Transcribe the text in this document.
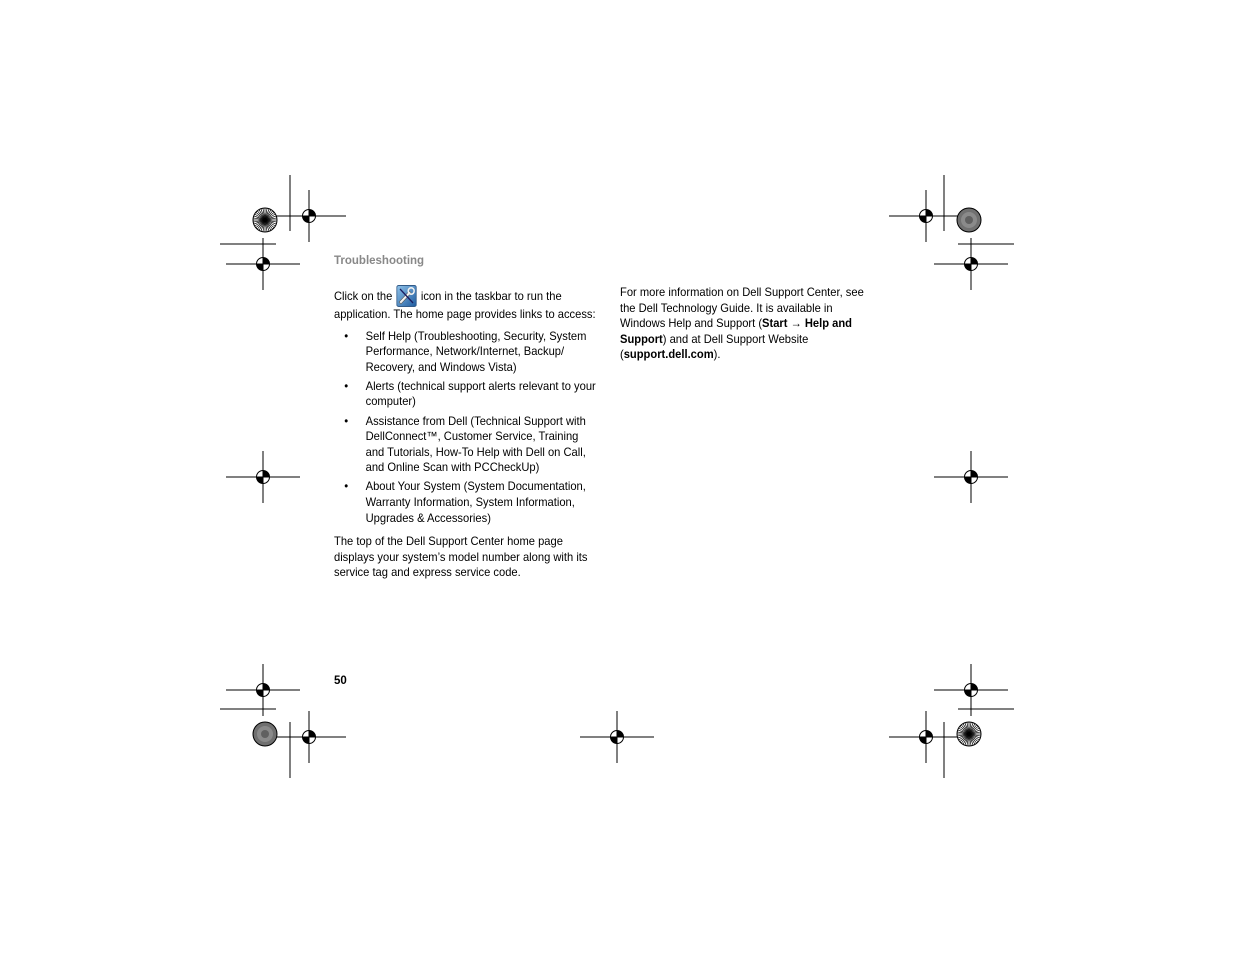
Troubleshooting

Click on the icon in the taskbar to run the application. The home page provides links to access:

• Self Help (Troubleshooting, Security, System Performance, Network/Internet, Backup/ Recovery, and Windows Vista)
• Alerts (technical support alerts relevant to your computer)
• Assistance from Dell (Technical Support with DellConnect™, Customer Service, Training and Tutorials, How-To Help with Dell on Call, and Online Scan with PCCheckUp)
• About Your System (System Documentation, Warranty Information, System Information, Upgrades & Accessories)

The top of the Dell Support Center home page displays your system’s model number along with its service tag and express service code.

For more information on Dell Support Center, see the Dell Technology Guide. It is available in Windows Help and Support (Start → Help and Support) and at Dell Support Website (support.dell.com).

50
